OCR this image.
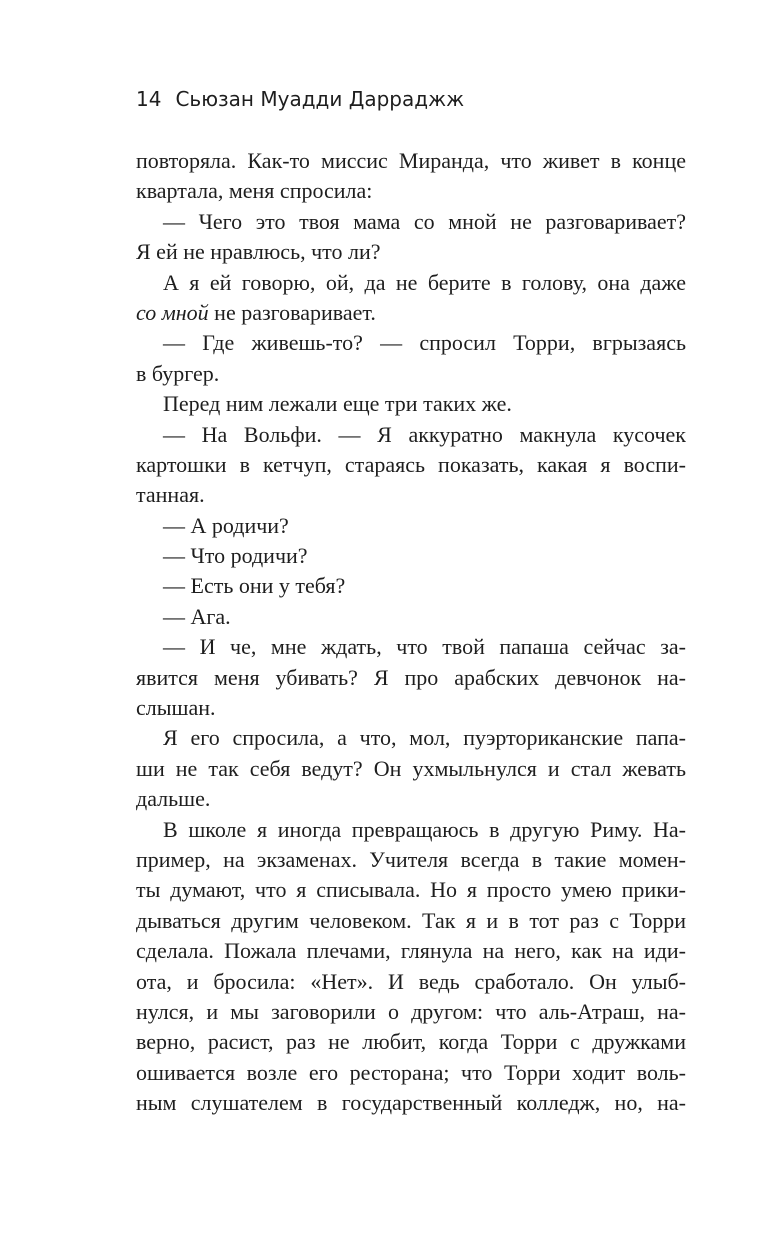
14 Сьюзан Муадди Дарраджж
повторяла. Как-то миссис Миранда, что живет в конце
квартала, меня спросила:
— Чего это твоя мама со мной не разговаривает?
Я ей не нравлюсь, что ли?
А я ей говорю, ой, да не берите в голову, она даже
со мной не разговаривает.
— Где живешь-то? — спросил Торри, вгрызаясь
в бургер.
Перед ним лежали еще три таких же.
— На Вольфи. — Я аккуратно макнула кусочек
картошки в кетчуп, стараясь показать, какая я воспи-
танная.
— А родичи?
— Что родичи?
— Есть они у тебя?
— Ага.
— И че, мне ждать, что твой папаша сейчас за-
явится меня убивать? Я про арабских девчонок на-
слышан.
Я его спросила, а что, мол, пуэрториканские папа-
ши не так себя ведут? Он ухмыльнулся и стал жевать
дальше.
В школе я иногда превращаюсь в другую Риму. На-
пример, на экзаменах. Учителя всегда в такие момен-
ты думают, что я списывала. Но я просто умею прики-
дываться другим человеком. Так я и в тот раз с Торри
сделала. Пожала плечами, глянула на него, как на иди-
ота, и бросила: «Нет». И ведь сработало. Он улыб-
нулся, и мы заговорили о другом: что аль-Атраш, на-
верно, расист, раз не любит, когда Торри с дружками
ошивается возле его ресторана; что Торри ходит воль-
ным слушателем в государственный колледж, но, на-
